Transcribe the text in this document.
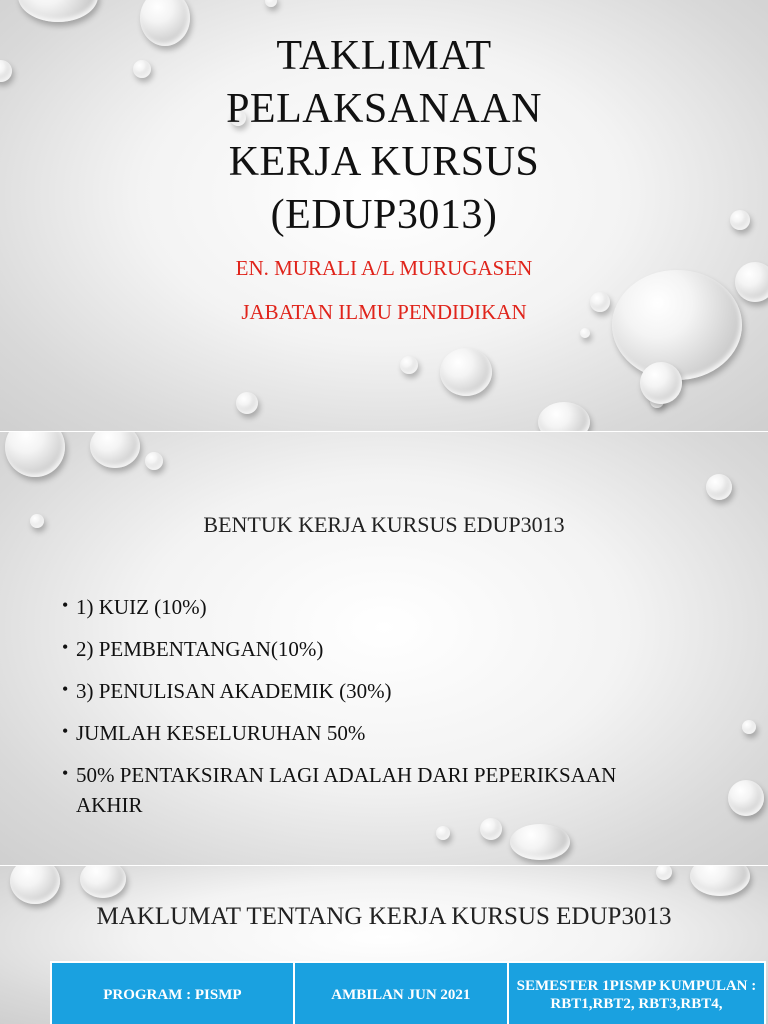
TAKLIMAT
PELAKSANAAN
KERJA KURSUS
(EDUP3013)
EN. MURALI A/L MURUGASEN
JABATAN ILMU PENDIDIKAN
BENTUK KERJA KURSUS EDUP3013
• 1) KUIZ (10%)
• 2) PEMBENTANGAN(10%)
• 3) PENULISAN AKADEMIK (30%)
• JUMLAH KESELURUHAN 50%
• 50% PENTAKSIRAN LAGI ADALAH DARI PEPERIKSAAN AKHIR
MAKLUMAT TENTANG KERJA KURSUS EDUP3013
PROGRAM : PISMP	AMBILAN JUN 2021	SEMESTER 1PISMP KUMPULAN : RBT1,RBT2, RBT3,RBT4,
